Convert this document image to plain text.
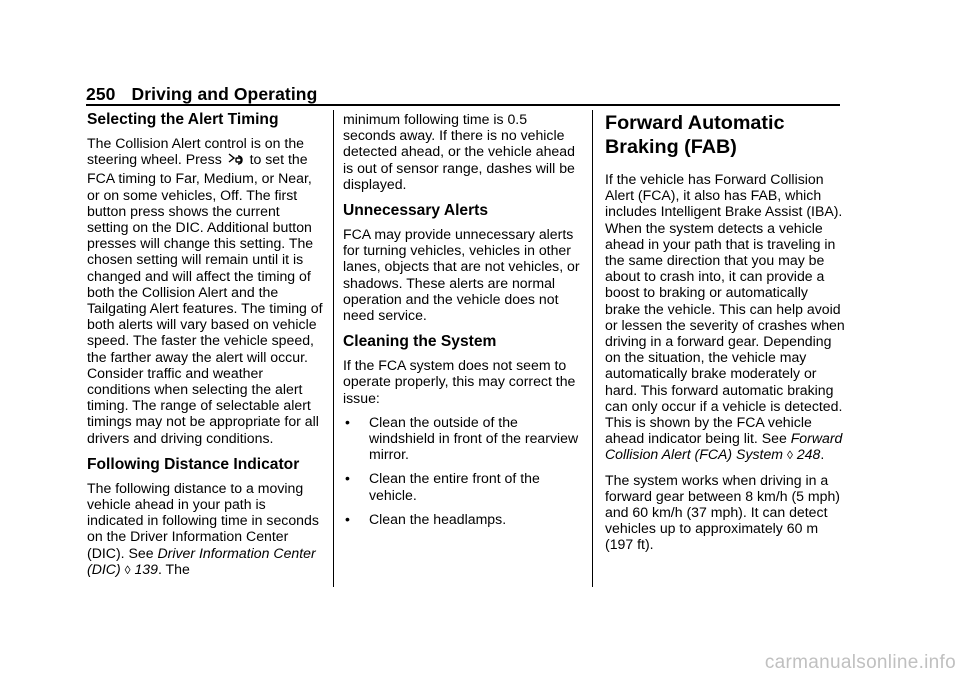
250 Driving and Operating
Selecting the Alert Timing

The Collision Alert control is on the steering wheel. Press  to set the FCA timing to Far, Medium, or Near, or on some vehicles, Off. The first button press shows the current setting on the DIC. Additional button presses will change this setting. The chosen setting will remain until it is changed and will affect the timing of both the Collision Alert and the Tailgating Alert features. The timing of both alerts will vary based on vehicle speed. The faster the vehicle speed, the farther away the alert will occur. Consider traffic and weather conditions when selecting the alert timing. The range of selectable alert timings may not be appropriate for all drivers and driving conditions.

Following Distance Indicator

The following distance to a moving vehicle ahead in your path is indicated in following time in seconds on the Driver Information Center (DIC). See Driver Information Center (DIC) ◊ 139. The

minimum following time is 0.5 seconds away. If there is no vehicle detected ahead, or the vehicle ahead is out of sensor range, dashes will be displayed.

Unnecessary Alerts

FCA may provide unnecessary alerts for turning vehicles, vehicles in other lanes, objects that are not vehicles, or shadows. These alerts are normal operation and the vehicle does not need service.

Cleaning the System

If the FCA system does not seem to operate properly, this may correct the issue:

• Clean the outside of the windshield in front of the rearview mirror.
• Clean the entire front of the vehicle.
• Clean the headlamps.
Forward Automatic Braking (FAB)

If the vehicle has Forward Collision Alert (FCA), it also has FAB, which includes Intelligent Brake Assist (IBA). When the system detects a vehicle ahead in your path that is traveling in the same direction that you may be about to crash into, it can provide a boost to braking or automatically brake the vehicle. This can help avoid or lessen the severity of crashes when driving in a forward gear. Depending on the situation, the vehicle may automatically brake moderately or hard. This forward automatic braking can only occur if a vehicle is detected. This is shown by the FCA vehicle ahead indicator being lit. See Forward Collision Alert (FCA) System ◊ 248.

The system works when driving in a forward gear between 8 km/h (5 mph) and 60 km/h (37 mph). It can detect vehicles up to approximately 60 m (197 ft).

carmanualsonline.info
